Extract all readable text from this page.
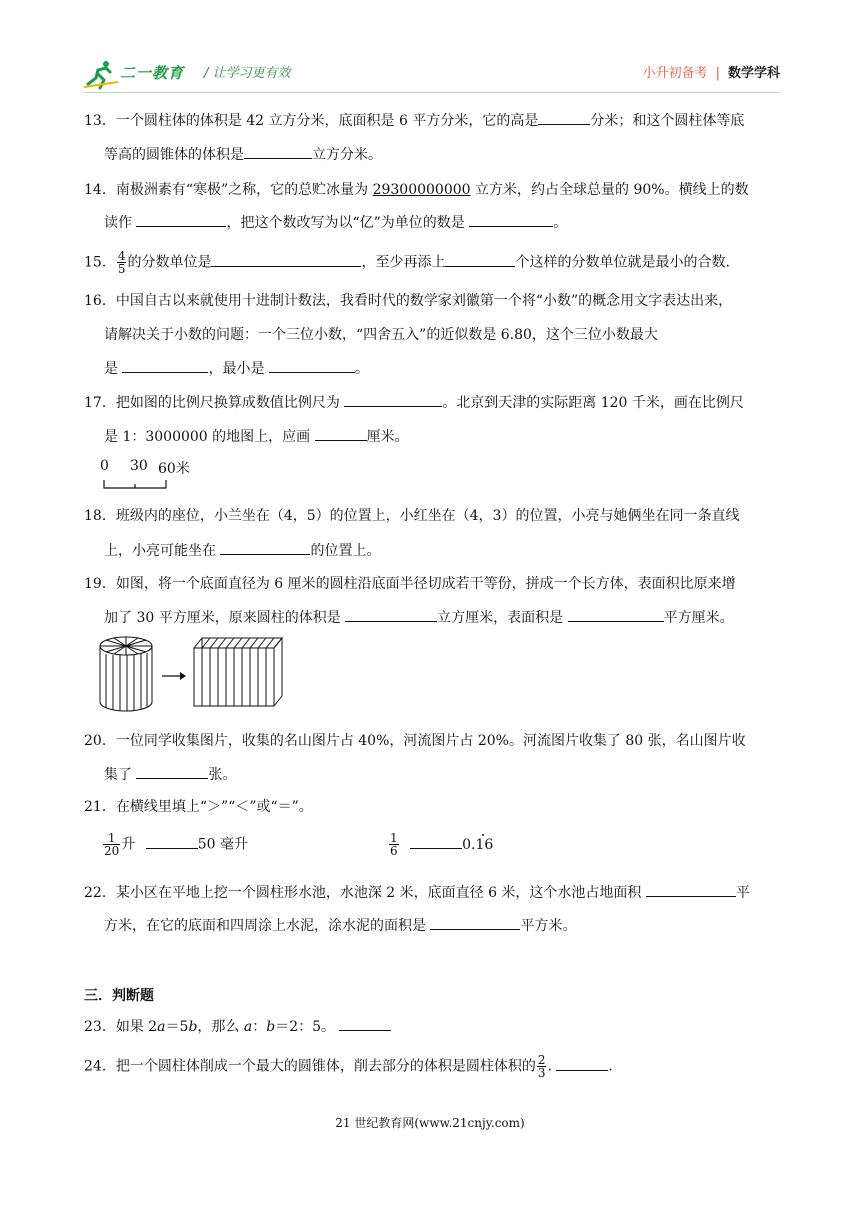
二一教育 / 让学习更有效	小升初备考 | 数学学科
13．一个圆柱体的体积是 42 立方分米，底面积是 6 平方分米，它的高是	分米；和这个圆柱体等底
等高的圆锥体的体积是	立方分米。
14．南极洲素有“寒极”之称，它的总贮冰量为 29300000000 立方米，约占全球总量的 90%。横线上的数
读作	，把这个数改写为以“亿”为单位的数是	。
15． $\frac{4}{5}$ 的分数单位是	，至少再添上	个这样的分数单位就是最小的合数.
16．中国自古以来就使用十进制计数法，我看时代的数学家刘徽第一个将“小数”的概念用文字表达出来，
请解决关于小数的问题：一个三位小数，“四舍五入”的近似数是 6.80，这个三位小数最大
是	，最小是	。
17．把如图的比例尺换算成数值比例尺为	。北京到天津的实际距离 120 千米，画在比例尺
是 1：3000000 的地图上，应画	厘米。
0 30 60米
18．班级内的座位，小兰坐在（4，5）的位置上，小红坐在（4，3）的位置，小亮与她俩坐在同一条直线
上，小亮可能坐在	的位置上。
19．如图，将一个底面直径为 6 厘米的圆柱沿底面半径切成若干等份，拼成一个长方体，表面积比原来增
加了 30 平方厘米，原来圆柱的体积是	立方厘米，表面积是	平方厘米。
20．一位同学收集图片，收集的名山图片占 40%，河流图片占 20%。河流图片收集了 80 张，名山图片收
集了	张。
21．在横线里填上“＞”“＜”或“＝”。
$\frac{1}{20}$ 升	50 毫升	$\frac{1}{6}$	0.16
22．某小区在平地上挖一个圆柱形水池，水池深 2 米，底面直径 6 米，这个水池占地面积	平
方米，在它的底面和四周涂上水泥，涂水泥的面积是	平方米。
三．判断题
23．如果 2a＝5b，那么 a：b＝2：5。
24．把一个圆柱体削成一个最大的圆锥体，削去部分的体积是圆柱体积的 $\frac{2}{3}$ .	.
21 世纪教育网(www.21cnjy.com)
